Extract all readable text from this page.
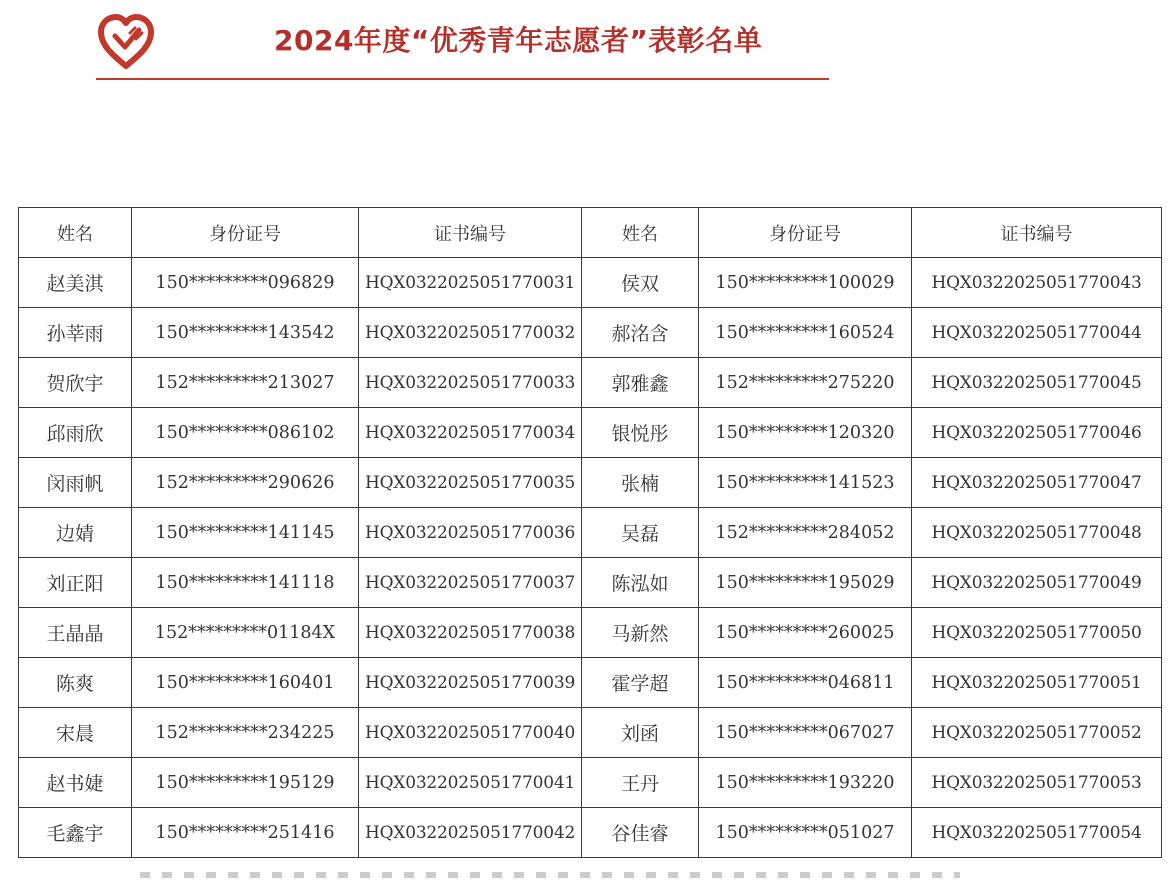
2024年度“优秀青年志愿者”表彰名单
姓名	身份证号	证书编号	姓名	身份证号	证书编号
赵美淇	150*********096829	HQX0322025051770031	侯双	150*********100029	HQX0322025051770043
孙莘雨	150*********143542	HQX0322025051770032	郝洺含	150*********160524	HQX0322025051770044
贺欣宇	152*********213027	HQX0322025051770033	郭雅鑫	152*********275220	HQX0322025051770045
邱雨欣	150*********086102	HQX0322025051770034	银悦彤	150*********120320	HQX0322025051770046
闵雨帆	152*********290626	HQX0322025051770035	张楠	150*********141523	HQX0322025051770047
边婧	150*********141145	HQX0322025051770036	吴磊	152*********284052	HQX0322025051770048
刘正阳	150*********141118	HQX0322025051770037	陈泓如	150*********195029	HQX0322025051770049
王晶晶	152*********01184X	HQX0322025051770038	马新然	150*********260025	HQX0322025051770050
陈爽	150*********160401	HQX0322025051770039	霍学超	150*********046811	HQX0322025051770051
宋晨	152*********234225	HQX0322025051770040	刘函	150*********067027	HQX0322025051770052
赵书婕	150*********195129	HQX0322025051770041	王丹	150*********193220	HQX0322025051770053
毛鑫宇	150*********251416	HQX0322025051770042	谷佳睿	150*********051027	HQX0322025051770054
